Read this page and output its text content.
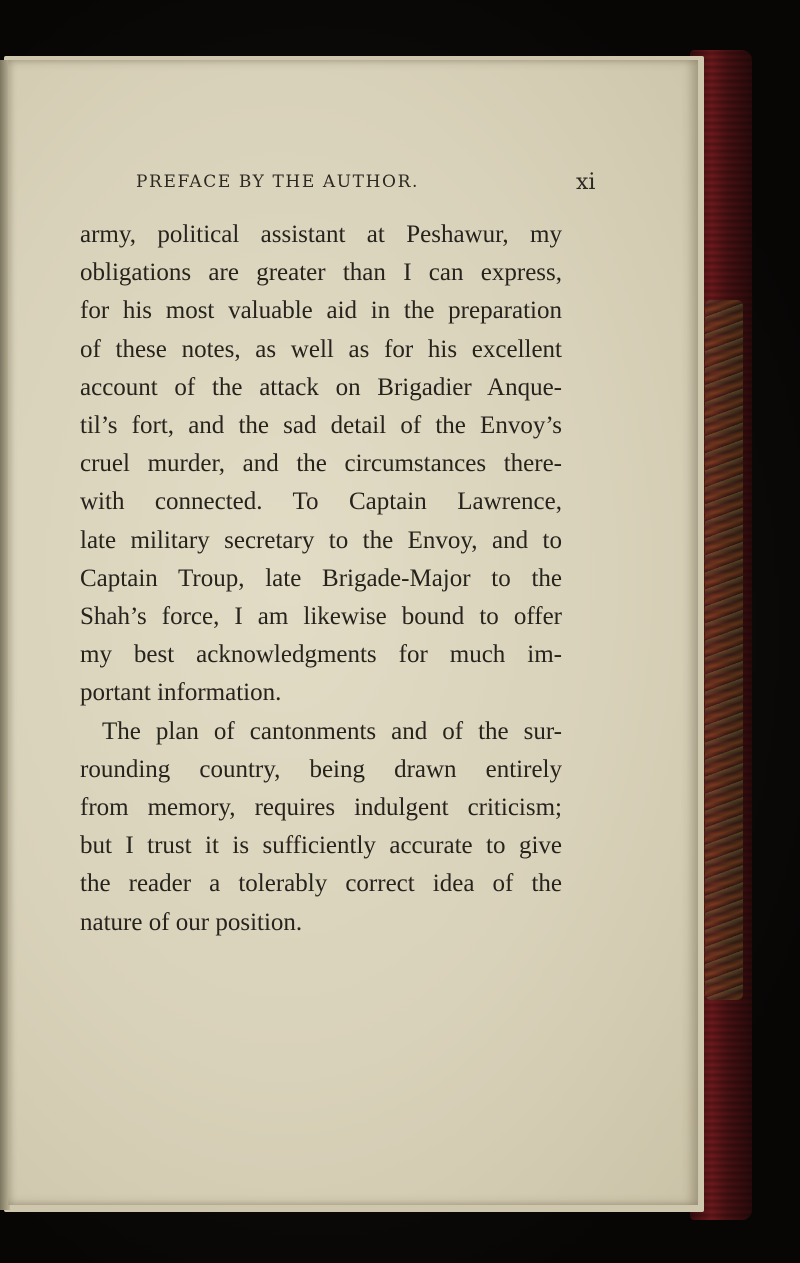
PREFACE BY THE AUTHOR.	xi
army, political assistant at Peshawur, my
obligations are greater than I can express,
for his most valuable aid in the preparation
of these notes, as well as for his excellent
account of the attack on Brigadier Anque-
til’s fort, and the sad detail of the Envoy’s
cruel murder, and the circumstances there-
with connected. To Captain Lawrence,
late military secretary to the Envoy, and to
Captain Troup, late Brigade-Major to the
Shah’s force, I am likewise bound to offer
my best acknowledgments for much im-
portant information.
The plan of cantonments and of the sur-
rounding country, being drawn entirely
from memory, requires indulgent criticism;
but I trust it is sufficiently accurate to give
the reader a tolerably correct idea of the
nature of our position.
